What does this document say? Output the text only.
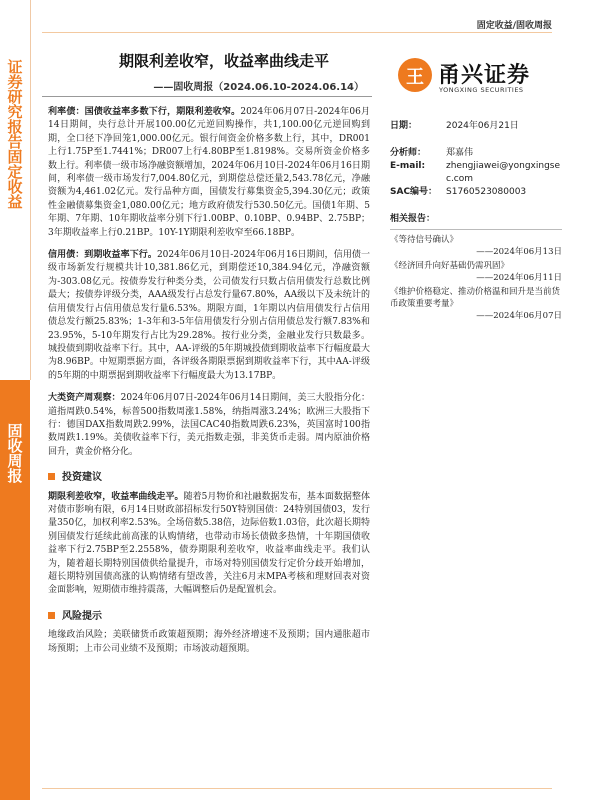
证券研究报告
固定收益
固收周报
固定收益/固收周报
期限利差收窄，收益率曲线走平
——固收周报（2024.06.10-2024.06.14） 王 甬兴证券
YONGXING SECURITIES

利率债：国债收益率多数下行，期限利差收窄。2024年06月07日-2024年06月14日期间，央行总计开展100.00亿元逆回购操作，共1,100.00亿元逆回购到期，全口径下净回笼1,000.00亿元。银行间资金价格多数上行，其中，DR001上行1.75P至1.7441%；DR007上行4.80BP至1.8198%。交易所资金价格多数上行。利率债一级市场净融资额增加，2024年06月10日-2024年06月16日期间，利率债一级市场发行7,004.80亿元，到期偿总偿还量2,543.78亿元，净融资额为4,461.02亿元。发行品种方面，国债发行募集资金5,394.30亿元；政策性金融债募集资金1,080.00亿元；地方政府债发行530.50亿元。国债1年期、5年期、7年期、10年期收益率分别下行1.00BP、0.10BP、0.94BP、2.75BP；3年期收益率上行0.21BP。10Y-1Y期限利差收窄至66.18BP。

信用债：到期收益率下行。2024年06月10日-2024年06月16日期间，信用债一级市场新发行规模共计10,381.86亿元，到期偿还10,384.94亿元，净融资额为-303.08亿元。按债券发行种类分类，公司债发行只数占信用债发行总数比例最大；按债券评级分类，AAA级发行占总发行量67.80%，AA级以下及未统计的信用债发行占信用债总发行量6.53%。期限方面，1年期以内信用债发行占信用债总发行额25.83%；1-3年和3-5年信用债发行分别占信用债总发行额7.83%和23.95%，5-10年期发行占比为29.28%。按行业分类，金融业发行只数最多。城投债到期收益率下行。其中，AA-评级的5年期城投债到期收益率下行幅度最大为8.96BP。中短期票据方面，各评级各期限票据到期收益率下行，其中AA-评级的5年期的中期票据到期收益率下行幅度最大为13.17BP。

大类资产周观察：2024年06月07日-2024年06月14日期间，美三大股指分化：道指周跌0.54%，标普500指数周涨1.58%，纳指周涨3.24%；欧洲三大股指下行：德国DAX指数周跌2.99%，法国CAC40指数周跌6.23%，英国富时100指数周跌1.19%。美债收益率下行，美元指数走强，非美货币走弱。周内原油价格回升，黄金价格分化。

投资建议

期限利差收窄，收益率曲线走平。随着5月物价和社融数据发布，基本面数据整体对债市影响有限，6月14日财政部招标发行50Y特别国债：24特别国债03，发行量350亿，加权利率2.53%。全场倍数5.38倍，边际倍数1.03倍，此次超长期特别国债发行延续此前高涨的认购情绪，也带动市场长债做多热情，十年期国债收益率下行2.75BP至2.2558%，债券期限利差收窄，收益率曲线走平。我们认为，随着超长期特别国债供给量提升，市场对特别国债发行定价分歧开始增加，超长期特别国债高涨的认购情绪有望改善，关注6月末MPA考核和理财回表对资金面影响，短期债市维持震荡，大幅调整后仍是配置机会。

风险提示

地缘政治风险；美联储货币政策超预期；海外经济增速不及预期；国内通胀超市场预期；上市公司业绩不及预期；市场波动超预期。

日期：	2024年06月21日
分析师：	郑嘉伟
E-mail:	zhengjiawei@yongxingsec.com
SAC编号： S1760523080003
相关报告：
《等待信号确认》
——2024年06月13日
《经济回升向好基础仍需巩固》
——2024年06月11日
《维护价格稳定、推动价格温和回升是当前货币政策重要考量》
——2024年06月07日
